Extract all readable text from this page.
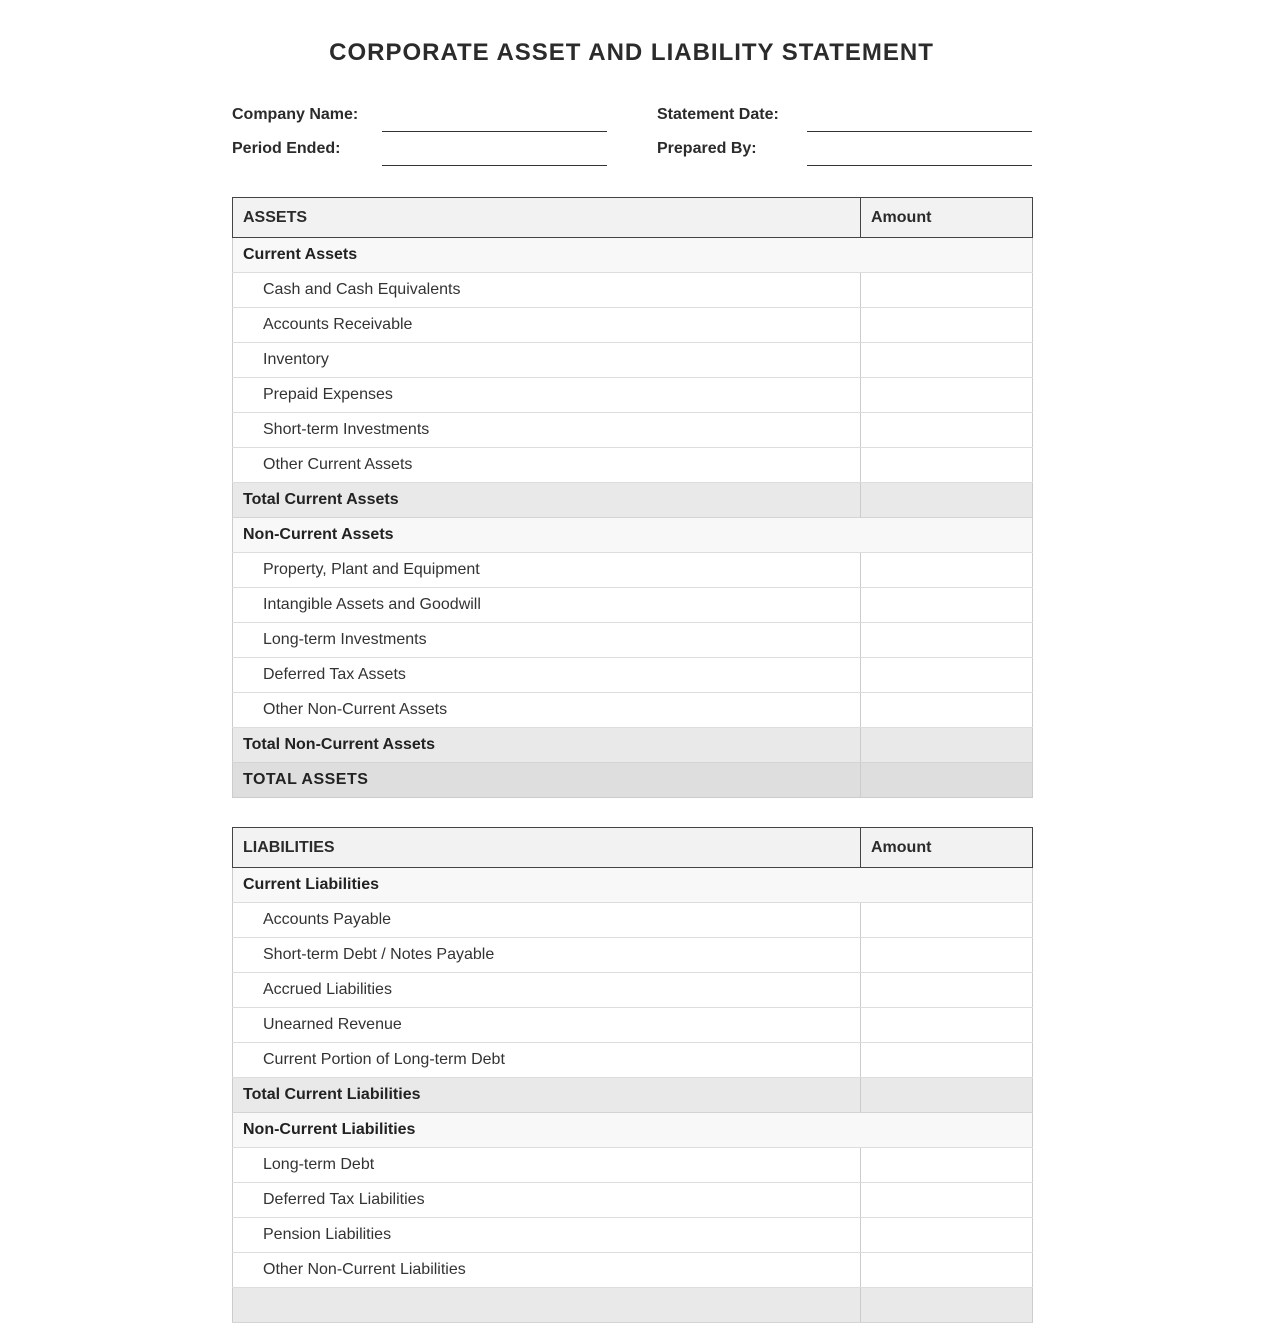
CORPORATE ASSET AND LIABILITY STATEMENT
Company Name:	Statement Date:
Period Ended:	Prepared By:
ASSETS	Amount
Current Assets	
Cash and Cash Equivalents	
Accounts Receivable	
Inventory	
Prepaid Expenses	
Short-term Investments	
Other Current Assets	
Total Current Assets	
Non-Current Assets	
Property, Plant and Equipment	
Intangible Assets and Goodwill	
Long-term Investments	
Deferred Tax Assets	
Other Non-Current Assets	
Total Non-Current Assets	
TOTAL ASSETS	
LIABILITIES	Amount
Current Liabilities	
Accounts Payable	
Short-term Debt / Notes Payable	
Accrued Liabilities	
Unearned Revenue	
Current Portion of Long-term Debt	
Total Current Liabilities	
Non-Current Liabilities	
Long-term Debt	
Deferred Tax Liabilities	
Pension Liabilities	
Other Non-Current Liabilities	
